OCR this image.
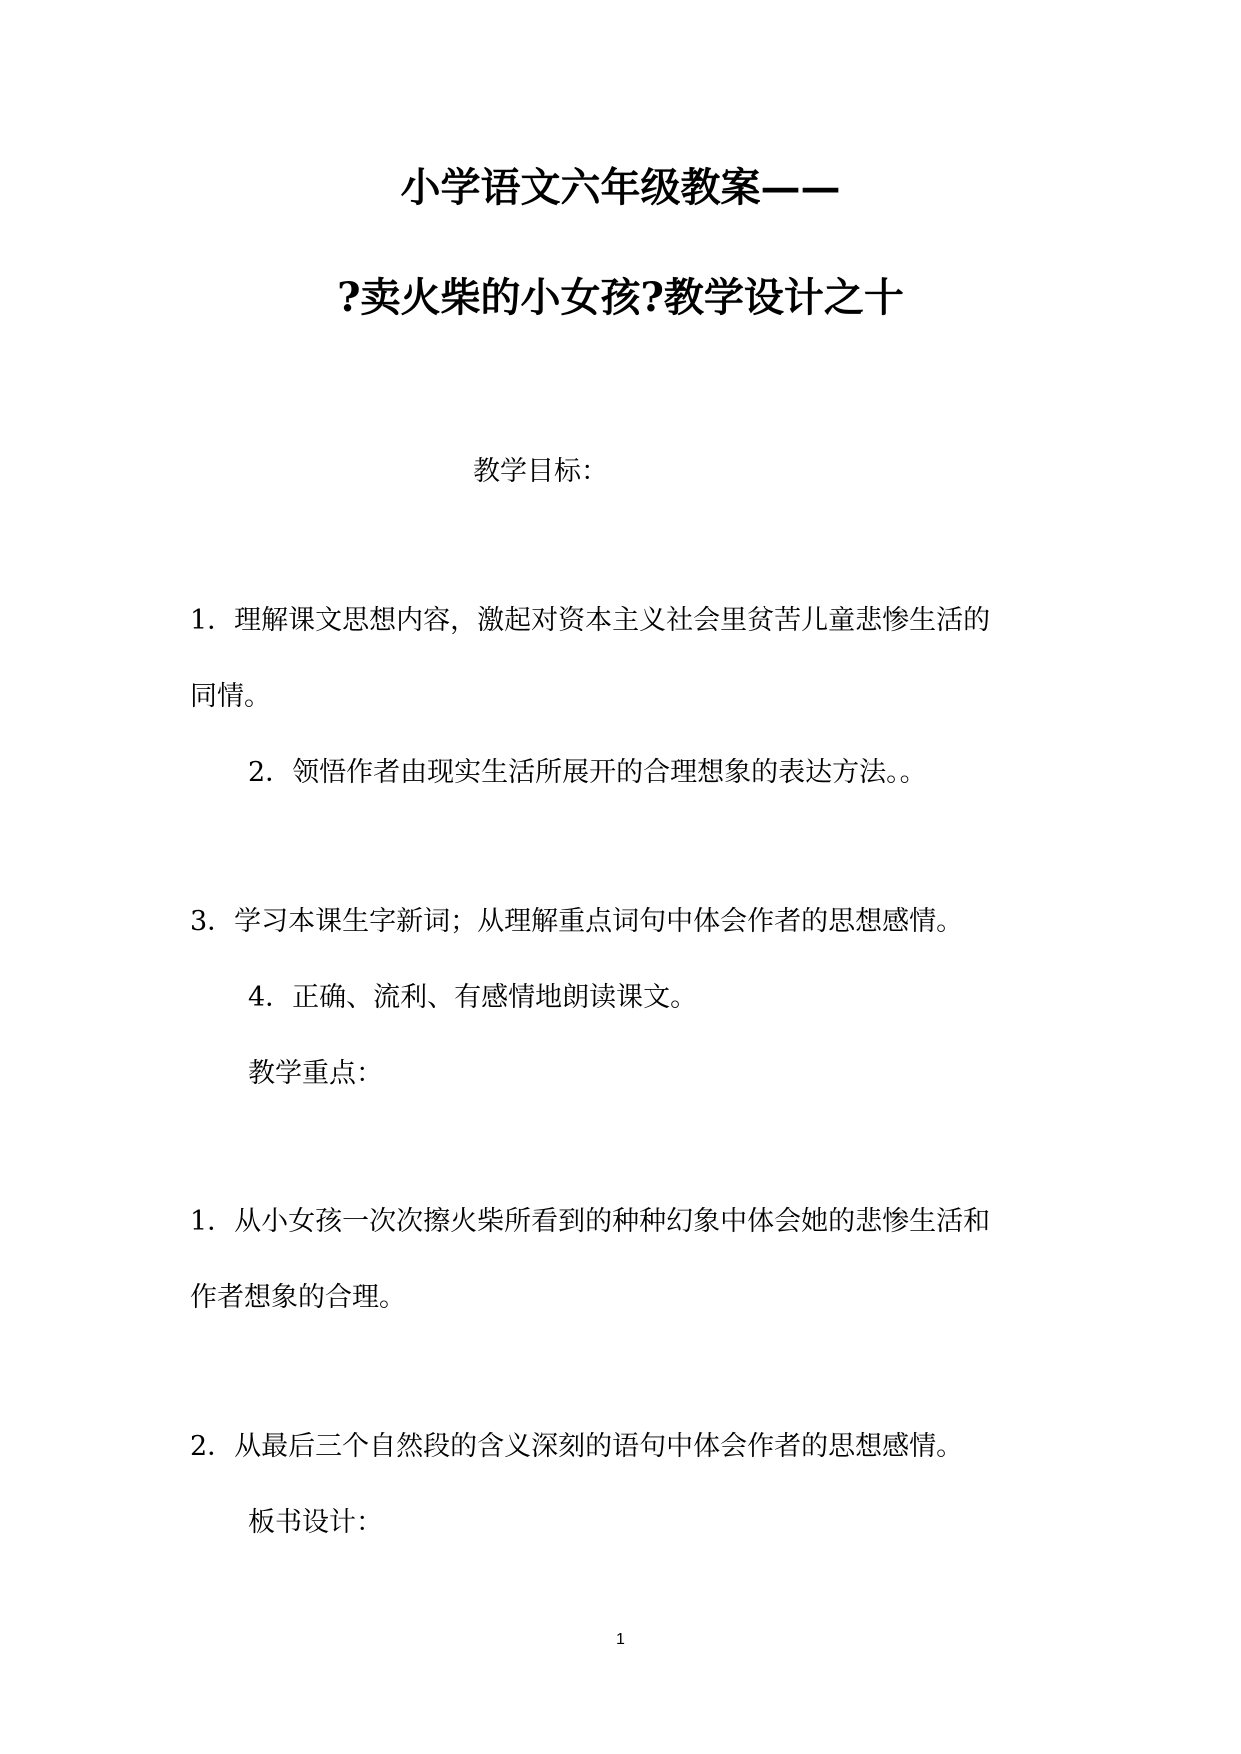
小学语文六年级教案——
?卖火柴的小女孩?教学设计之十
教学目标：
1．理解课文思想内容，激起对资本主义社会里贫苦儿童悲惨生活的
同情。
2．领悟作者由现实生活所展开的合理想象的表达方法。。
3．学习本课生字新词；从理解重点词句中体会作者的思想感情。
4．正确、流利、有感情地朗读课文。
教学重点：
1．从小女孩一次次擦火柴所看到的种种幻象中体会她的悲惨生活和
作者想象的合理。
2．从最后三个自然段的含义深刻的语句中体会作者的思想感情。
板书设计：
1
